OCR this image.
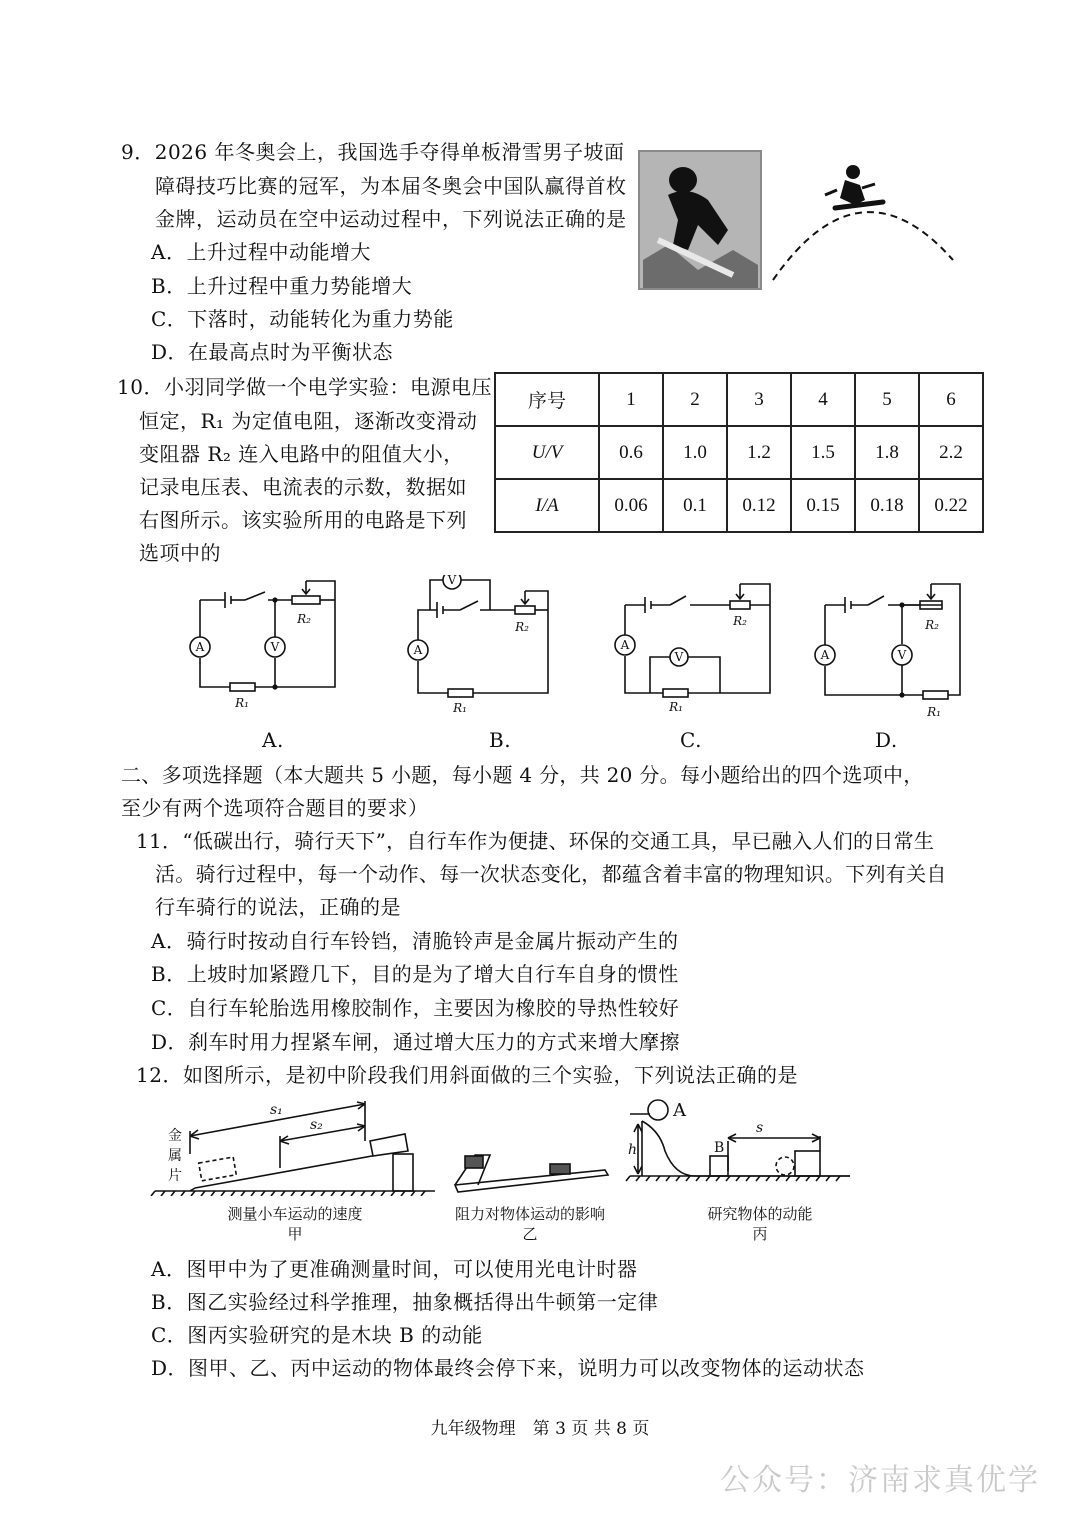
9．2026 年冬奥会上，我国选手夺得单板滑雪男子坡面
障碍技巧比赛的冠军，为本届冬奥会中国队赢得首枚
金牌，运动员在空中运动过程中，下列说法正确的是
A．上升过程中动能增大
B．上升过程中重力势能增大
C．下落时，动能转化为重力势能
D．在最高点时为平衡状态
10．小羽同学做一个电学实验：电源电压
恒定，R₁ 为定值电阻，逐渐改变滑动
变阻器 R₂ 连入电路中的阻值大小，
记录电压表、电流表的示数，数据如
右图所示。该实验所用的电路是下列
选项中的
序号	1	2	3	4	5	6
U/V	0.6	1.0	1.2	1.5	1.8	2.2
I/A	0.06	0.1	0.12	0.15	0.18	0.22
A	V
R₂
R₁
A
V
R₂
R₁
A
V
R₂
R₁
A	V
R₂
R₁
A.	B.	C.	D.
二、多项选择题（本大题共 5 小题，每小题 4 分，共 20 分。每小题给出的四个选项中，
至少有两个选项符合题目的要求）
11．“低碳出行，骑行天下”，自行车作为便捷、环保的交通工具，早已融入人们的日常生
活。骑行过程中，每一个动作、每一次状态变化，都蕴含着丰富的物理知识。下列有关自
行车骑行的说法，正确的是
A．骑行时按动自行车铃铛，清脆铃声是金属片振动产生的
B．上坡时加紧蹬几下，目的是为了增大自行车自身的惯性
C．自行车轮胎选用橡胶制作，主要因为橡胶的导热性较好
D．刹车时用力捏紧车闸，通过增大压力的方式来增大摩擦
12．如图所示，是初中阶段我们用斜面做的三个实验，下列说法正确的是
金
属
片
s₁
s₂
A
B
h
s
测量小车运动的速度
甲
阻力对物体运动的影响
乙
研究物体的动能
丙
A．图甲中为了更准确测量时间，可以使用光电计时器
B．图乙实验经过科学推理，抽象概括得出牛顿第一定律
C．图丙实验研究的是木块 B 的动能
D．图甲、乙、丙中运动的物体最终会停下来，说明力可以改变物体的运动状态
九年级物理　第 3 页 共 8 页
公众号：济南求真优学
